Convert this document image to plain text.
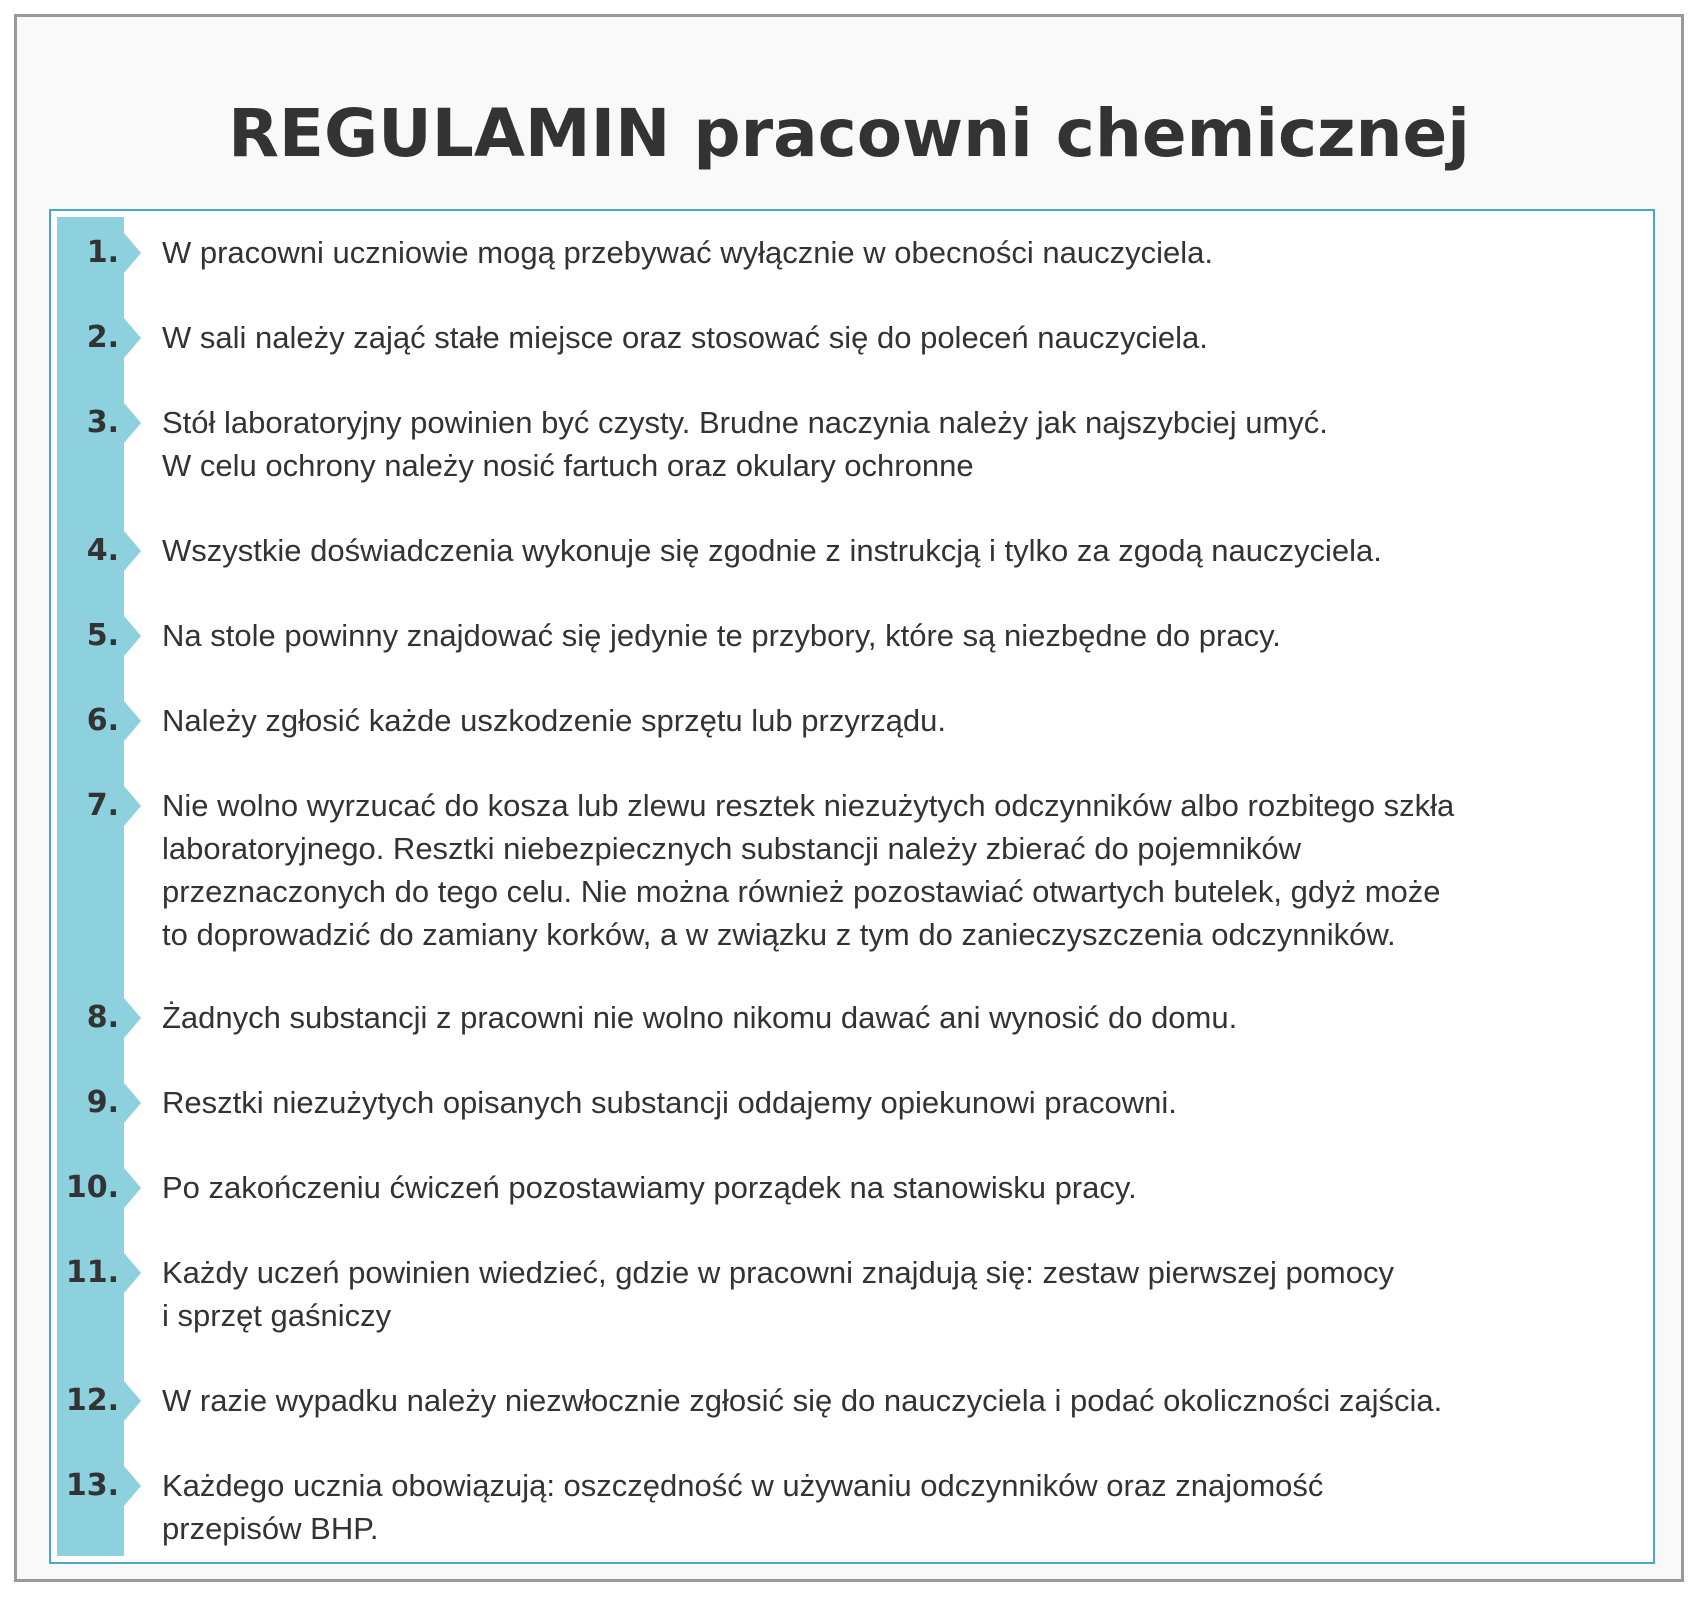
REGULAMIN pracowni chemicznej
1. W pracowni uczniowie mogą przebywać wyłącznie w obecności nauczyciela.
2. W sali należy zająć stałe miejsce oraz stosować się do poleceń nauczyciela.
3. Stół laboratoryjny powinien być czysty. Brudne naczynia należy jak najszybciej umyć.
W celu ochrony należy nosić fartuch oraz okulary ochronne
4. Wszystkie doświadczenia wykonuje się zgodnie z instrukcją i tylko za zgodą nauczyciela.
5. Na stole powinny znajdować się jedynie te przybory, które są niezbędne do pracy.
6. Należy zgłosić każde uszkodzenie sprzętu lub przyrządu.
7. Nie wolno wyrzucać do kosza lub zlewu resztek niezużytych odczynników albo rozbitego szkła
laboratoryjnego. Resztki niebezpiecznych substancji należy zbierać do pojemników
przeznaczonych do tego celu. Nie można również pozostawiać otwartych butelek, gdyż może
to doprowadzić do zamiany korków, a w związku z tym do zanieczyszczenia odczynników.
8. Żadnych substancji z pracowni nie wolno nikomu dawać ani wynosić do domu.
9. Resztki niezużytych opisanych substancji oddajemy opiekunowi pracowni.
10. Po zakończeniu ćwiczeń pozostawiamy porządek na stanowisku pracy.
11. Każdy uczeń powinien wiedzieć, gdzie w pracowni znajdują się: zestaw pierwszej pomocy
i sprzęt gaśniczy
12. W razie wypadku należy niezwłocznie zgłosić się do nauczyciela i podać okoliczności zajścia.
13. Każdego ucznia obowiązują: oszczędność w używaniu odczynników oraz znajomość
przepisów BHP.
